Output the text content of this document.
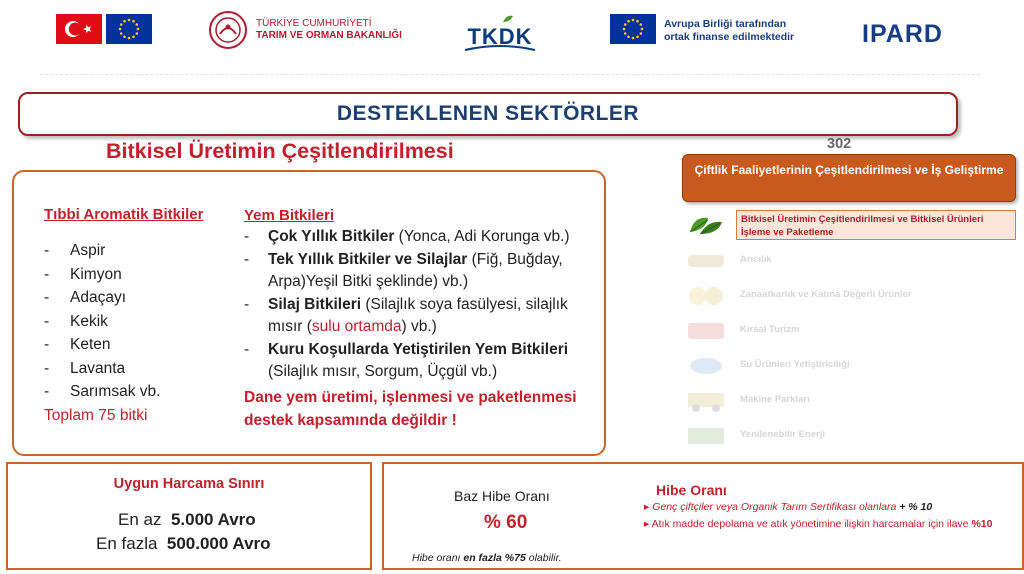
TÜRKİYE CUMHURİYETİ
TARIM VE ORMAN BAKANLIĞI	TKDK	Avrupa Birliği tarafından
ortak finanse edilmektedir	IPARD
DESTEKLENEN SEKTÖRLER
Bitkisel Üretimin Çeşitlendirilmesi	302
Tıbbi Aromatik Bitkiler
- Aspir
- Kimyon
- Adaçayı
- Kekik
- Keten
- Lavanta
- Sarımsak vb.
Toplam 75 bitki
Yem Bitkileri
-	Çok Yıllık Bitkiler (Yonca, Adi Korunga vb.)
-	Tek Yıllık Bitkiler ve Silajlar (Fiğ, Buğday, Arpa)Yeşil Bitki şeklinde) vb.)
-	Silaj Bitkileri (Silajlık soya fasülyesi, silajlık mısır (sulu ortamda) vb.)
-	Kuru Koşullarda Yetiştirilen Yem Bitkileri (Silajlık mısır, Sorgum, Üçgül vb.)
Dane yem üretimi, işlenmesi ve paketlenmesi destek kapsamında değildir !
Çiftlik Faaliyetlerinin Çeşitlendirilmesi ve İş Geliştirme
Bitkisel Üretimin Çeşitlendirilmesi ve Bitkisel Ürünleri İşleme ve Paketleme
Arıcılık
Zanaatkarlık ve Katma Değerli Ürünler
Kırsal Turizm
Su Ürünleri Yetiştiriciliği
Makine Parkları
Yenilenebilir Enerji
Uygun Harcama Sınırı
En az 5.000 Avro
En fazla 500.000 Avro
Baz Hibe Oranı
% 60
Hibe oranı en fazla %75 olabilir.
Hibe Oranı
▸ Genç çiftçiler veya Organik Tarım Sertifikası olanlara + % 10
▸ Atık madde depolama ve atık yönetimine ilişkin harcamalar için ilave %10
